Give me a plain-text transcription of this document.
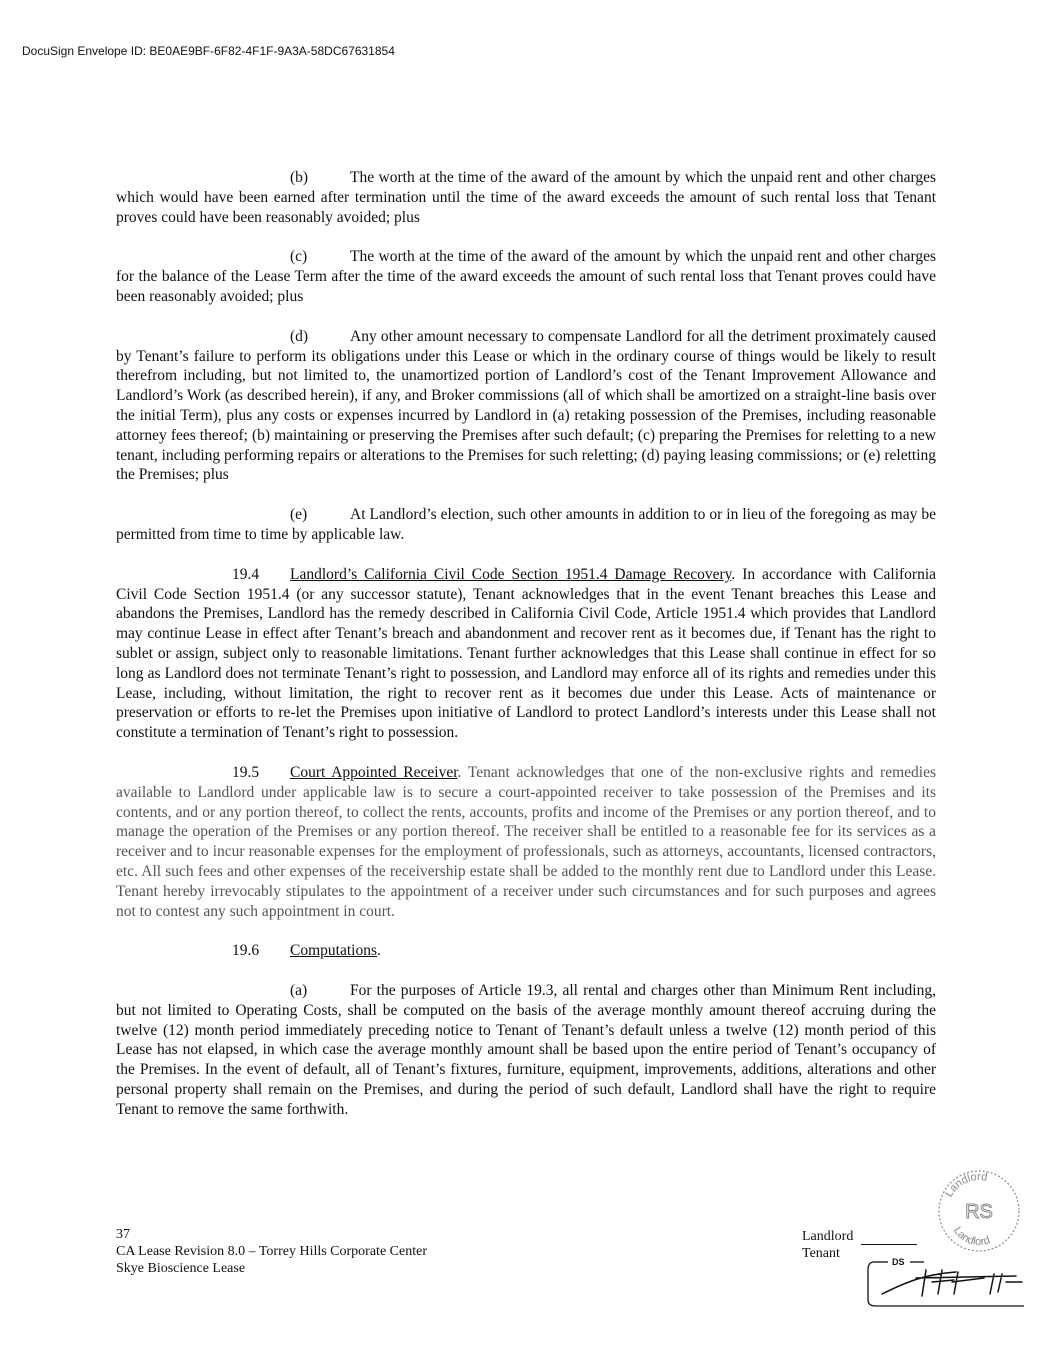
DocuSign Envelope ID: BE0AE9BF-6F82-4F1F-9A3A-58DC67631854

(b)	The worth at the time of the award of the amount by which the unpaid rent and other charges which would have been earned after termination until the time of the award exceeds the amount of such rental loss that Tenant proves could have been reasonably avoided; plus

(c)	The worth at the time of the award of the amount by which the unpaid rent and other charges for the balance of the Lease Term after the time of the award exceeds the amount of such rental loss that Tenant proves could have been reasonably avoided; plus

(d)	Any other amount necessary to compensate Landlord for all the detriment proximately caused by Tenant’s failure to perform its obligations under this Lease or which in the ordinary course of things would be likely to result therefrom including, but not limited to, the unamortized portion of Landlord’s cost of the Tenant Improvement Allowance and Landlord’s Work (as described herein), if any, and Broker commissions (all of which shall be amortized on a straight-line basis over the initial Term), plus any costs or expenses incurred by Landlord in (a) retaking possession of the Premises, including reasonable attorney fees thereof; (b) maintaining or preserving the Premises after such default; (c) preparing the Premises for reletting to a new tenant, including performing repairs or alterations to the Premises for such reletting; (d) paying leasing commissions; or (e) reletting the Premises; plus

(e)	At Landlord’s election, such other amounts in addition to or in lieu of the foregoing as may be permitted from time to time by applicable law.

19.4 Landlord’s California Civil Code Section 1951.4 Damage Recovery. In accordance with California Civil Code Section 1951.4 (or any successor statute), Tenant acknowledges that in the event Tenant breaches this Lease and abandons the Premises, Landlord has the remedy described in California Civil Code, Article 1951.4 which provides that Landlord may continue Lease in effect after Tenant’s breach and abandonment and recover rent as it becomes due, if Tenant has the right to sublet or assign, subject only to reasonable limitations. Tenant further acknowledges that this Lease shall continue in effect for so long as Landlord does not terminate Tenant’s right to possession, and Landlord may enforce all of its rights and remedies under this Lease, including, without limitation, the right to recover rent as it becomes due under this Lease. Acts of maintenance or preservation or efforts to re-let the Premises upon initiative of Landlord to protect Landlord’s interests under this Lease shall not constitute a termination of Tenant’s right to possession.

19.5 Court Appointed Receiver. Tenant acknowledges that one of the non-exclusive rights and remedies available to Landlord under applicable law is to secure a court-appointed receiver to take possession of the Premises and its contents, and or any portion thereof, to collect the rents, accounts, profits and income of the Premises or any portion thereof, and to manage the operation of the Premises or any portion thereof. The receiver shall be entitled to a reasonable fee for its services as a receiver and to incur reasonable expenses for the employment of professionals, such as attorneys, accountants, licensed contractors, etc. All such fees and other expenses of the receivership estate shall be added to the monthly rent due to Landlord under this Lease. Tenant hereby irrevocably stipulates to the appointment of a receiver under such circumstances and for such purposes and agrees not to contest any such appointment in court.

19.6 Computations.

(a)	For the purposes of Article 19.3, all rental and charges other than Minimum Rent including, but not limited to Operating Costs, shall be computed on the basis of the average monthly amount thereof accruing during the twelve (12) month period immediately preceding notice to Tenant of Tenant’s default unless a twelve (12) month period of this Lease has not elapsed, in which case the average monthly amount shall be based upon the entire period of Tenant’s occupancy of the Premises. In the event of default, all of Tenant’s fixtures, furniture, equipment, improvements, additions, alterations and other personal property shall remain on the Premises, and during the period of such default, Landlord shall have the right to require Tenant to remove the same forthwith.

37
CA Lease Revision 8.0 – Torrey Hills Corporate Center
Skye Bioscience Lease
Landlord
Tenant
Landlord
RS
Landlord
DS
